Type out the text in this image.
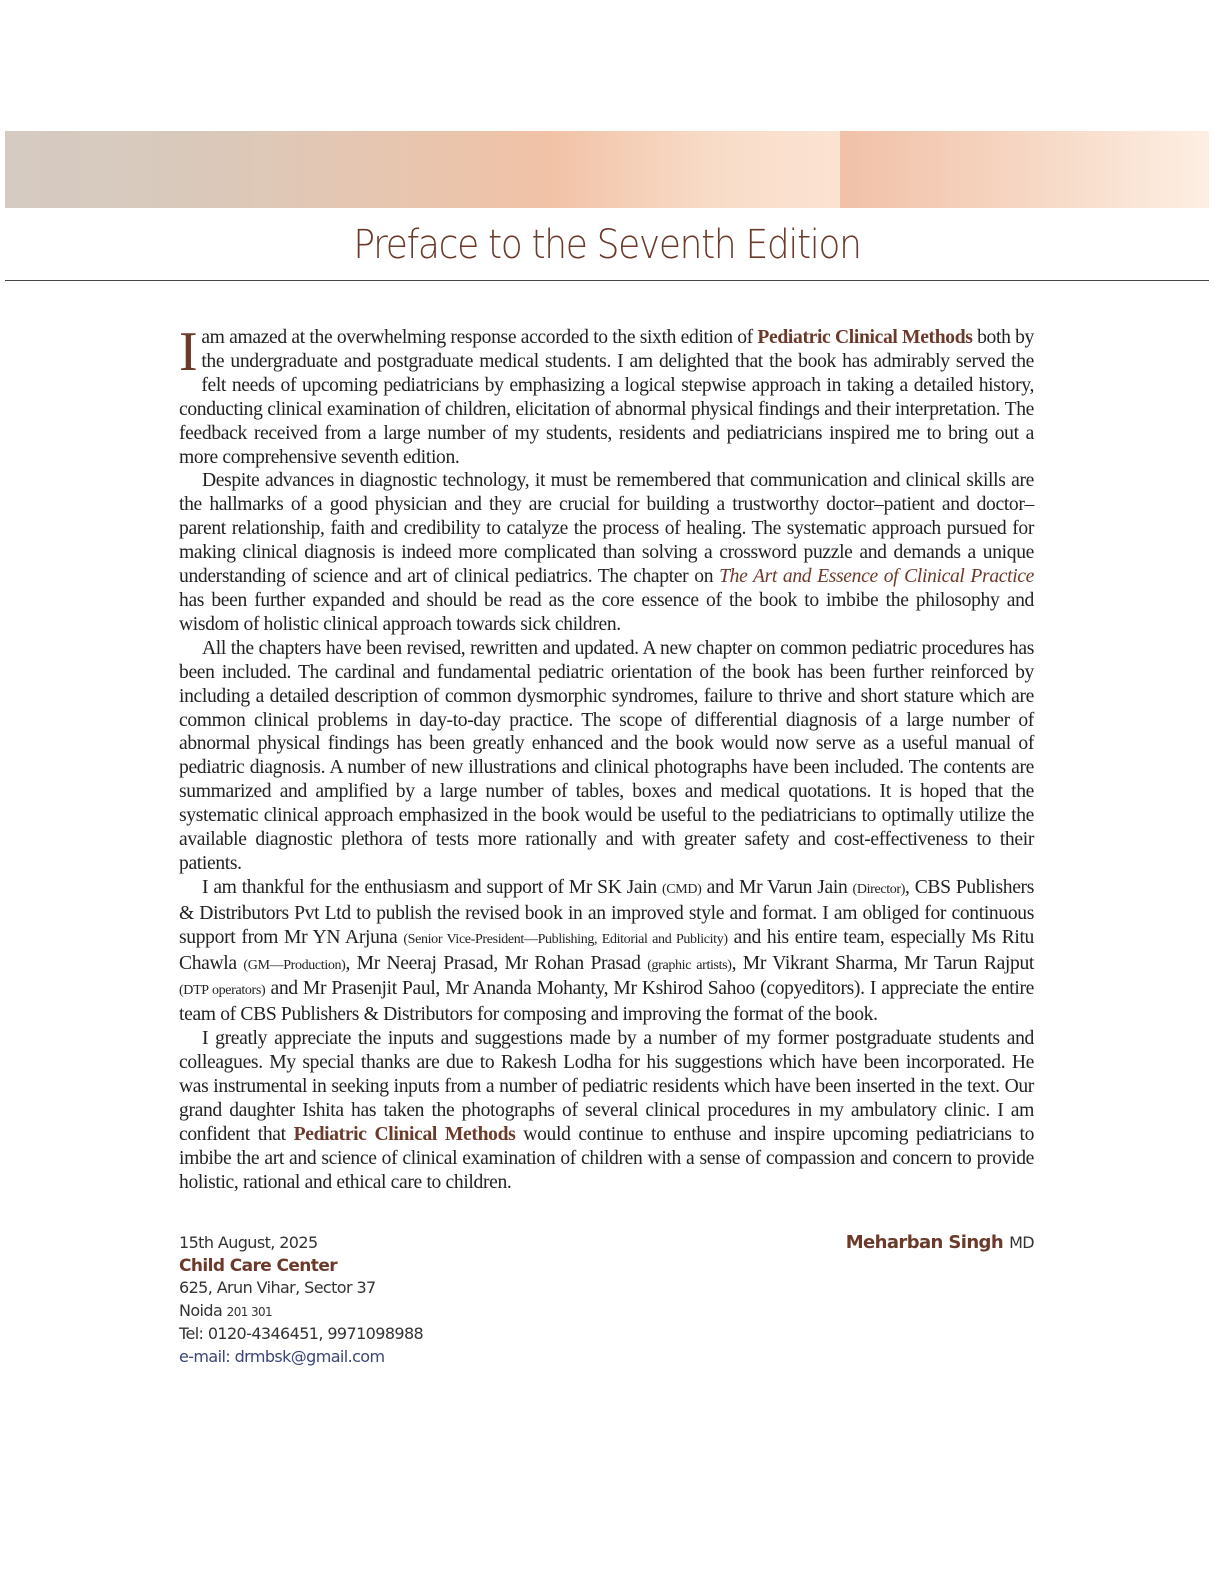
Preface to the Seventh Edition

Iam amazed at the overwhelming response accorded to the sixth edition of Pediatric Clinical Methods both by the undergraduate and postgraduate medical students. I am delighted that the book has admirably served the felt needs of upcoming pediatricians by emphasizing a logical stepwise approach in taking a detailed history, conducting clinical examination of children, elicitation of abnormal physical findings and their interpretation. The feedback received from a large number of my students, residents and pediatricians inspired me to bring out a more comprehensive seventh edition.

Despite advances in diagnostic technology, it must be remembered that communication and clinical skills are the hallmarks of a good physician and they are crucial for building a trustworthy doctor–patient and doctor–parent relationship, faith and credibility to catalyze the process of healing. The systematic approach pursued for making clinical diagnosis is indeed more complicated than solving a crossword puzzle and demands a unique understanding of science and art of clinical pediatrics. The chapter on The Art and Essence of Clinical Practice has been further expanded and should be read as the core essence of the book to imbibe the philosophy and wisdom of holistic clinical approach towards sick children.

All the chapters have been revised, rewritten and updated. A new chapter on common pediatric procedures has been included. The cardinal and fundamental pediatric orientation of the book has been further reinforced by including a detailed description of common dysmorphic syndromes, failure to thrive and short stature which are common clinical problems in day-to-day practice. The scope of differential diagnosis of a large number of abnormal physical findings has been greatly enhanced and the book would now serve as a useful manual of pediatric diagnosis. A number of new illustrations and clinical photographs have been included. The contents are summarized and amplified by a large number of tables, boxes and medical quotations. It is hoped that the systematic clinical approach emphasized in the book would be useful to the pediatricians to optimally utilize the available diagnostic plethora of tests more rationally and with greater safety and cost-effectiveness to their patients.

I am thankful for the enthusiasm and support of Mr SK Jain (CMD) and Mr Varun Jain (Director), CBS Publishers & Distributors Pvt Ltd to publish the revised book in an improved style and format. I am obliged for continuous support from Mr YN Arjuna (Senior Vice-President—Publishing, Editorial and Publicity) and his entire team, especially Ms Ritu Chawla (GM—Production), Mr Neeraj Prasad, Mr Rohan Prasad (graphic artists), Mr Vikrant Sharma, Mr Tarun Rajput (DTP operators) and Mr Prasenjit Paul, Mr Ananda Mohanty, Mr Kshirod Sahoo (copyeditors). I appreciate the entire team of CBS Publishers & Distributors for composing and improving the format of the book.

I greatly appreciate the inputs and suggestions made by a number of my former postgraduate students and colleagues. My special thanks are due to Rakesh Lodha for his suggestions which have been incorporated. He was instrumental in seeking inputs from a number of pediatric residents which have been inserted in the text. Our grand daughter Ishita has taken the photographs of several clinical procedures in my ambulatory clinic. I am confident that Pediatric Clinical Methods would continue to enthuse and inspire upcoming pediatricians to imbibe the art and science of clinical examination of children with a sense of compassion and concern to provide holistic, rational and ethical care to children.

15th August, 2025
Child Care Center
625, Arun Vihar, Sector 37
Noida 201 301
Tel: 0120-4346451, 9971098988
e-mail: drmbsk@gmail.com
Meharban Singh MD
